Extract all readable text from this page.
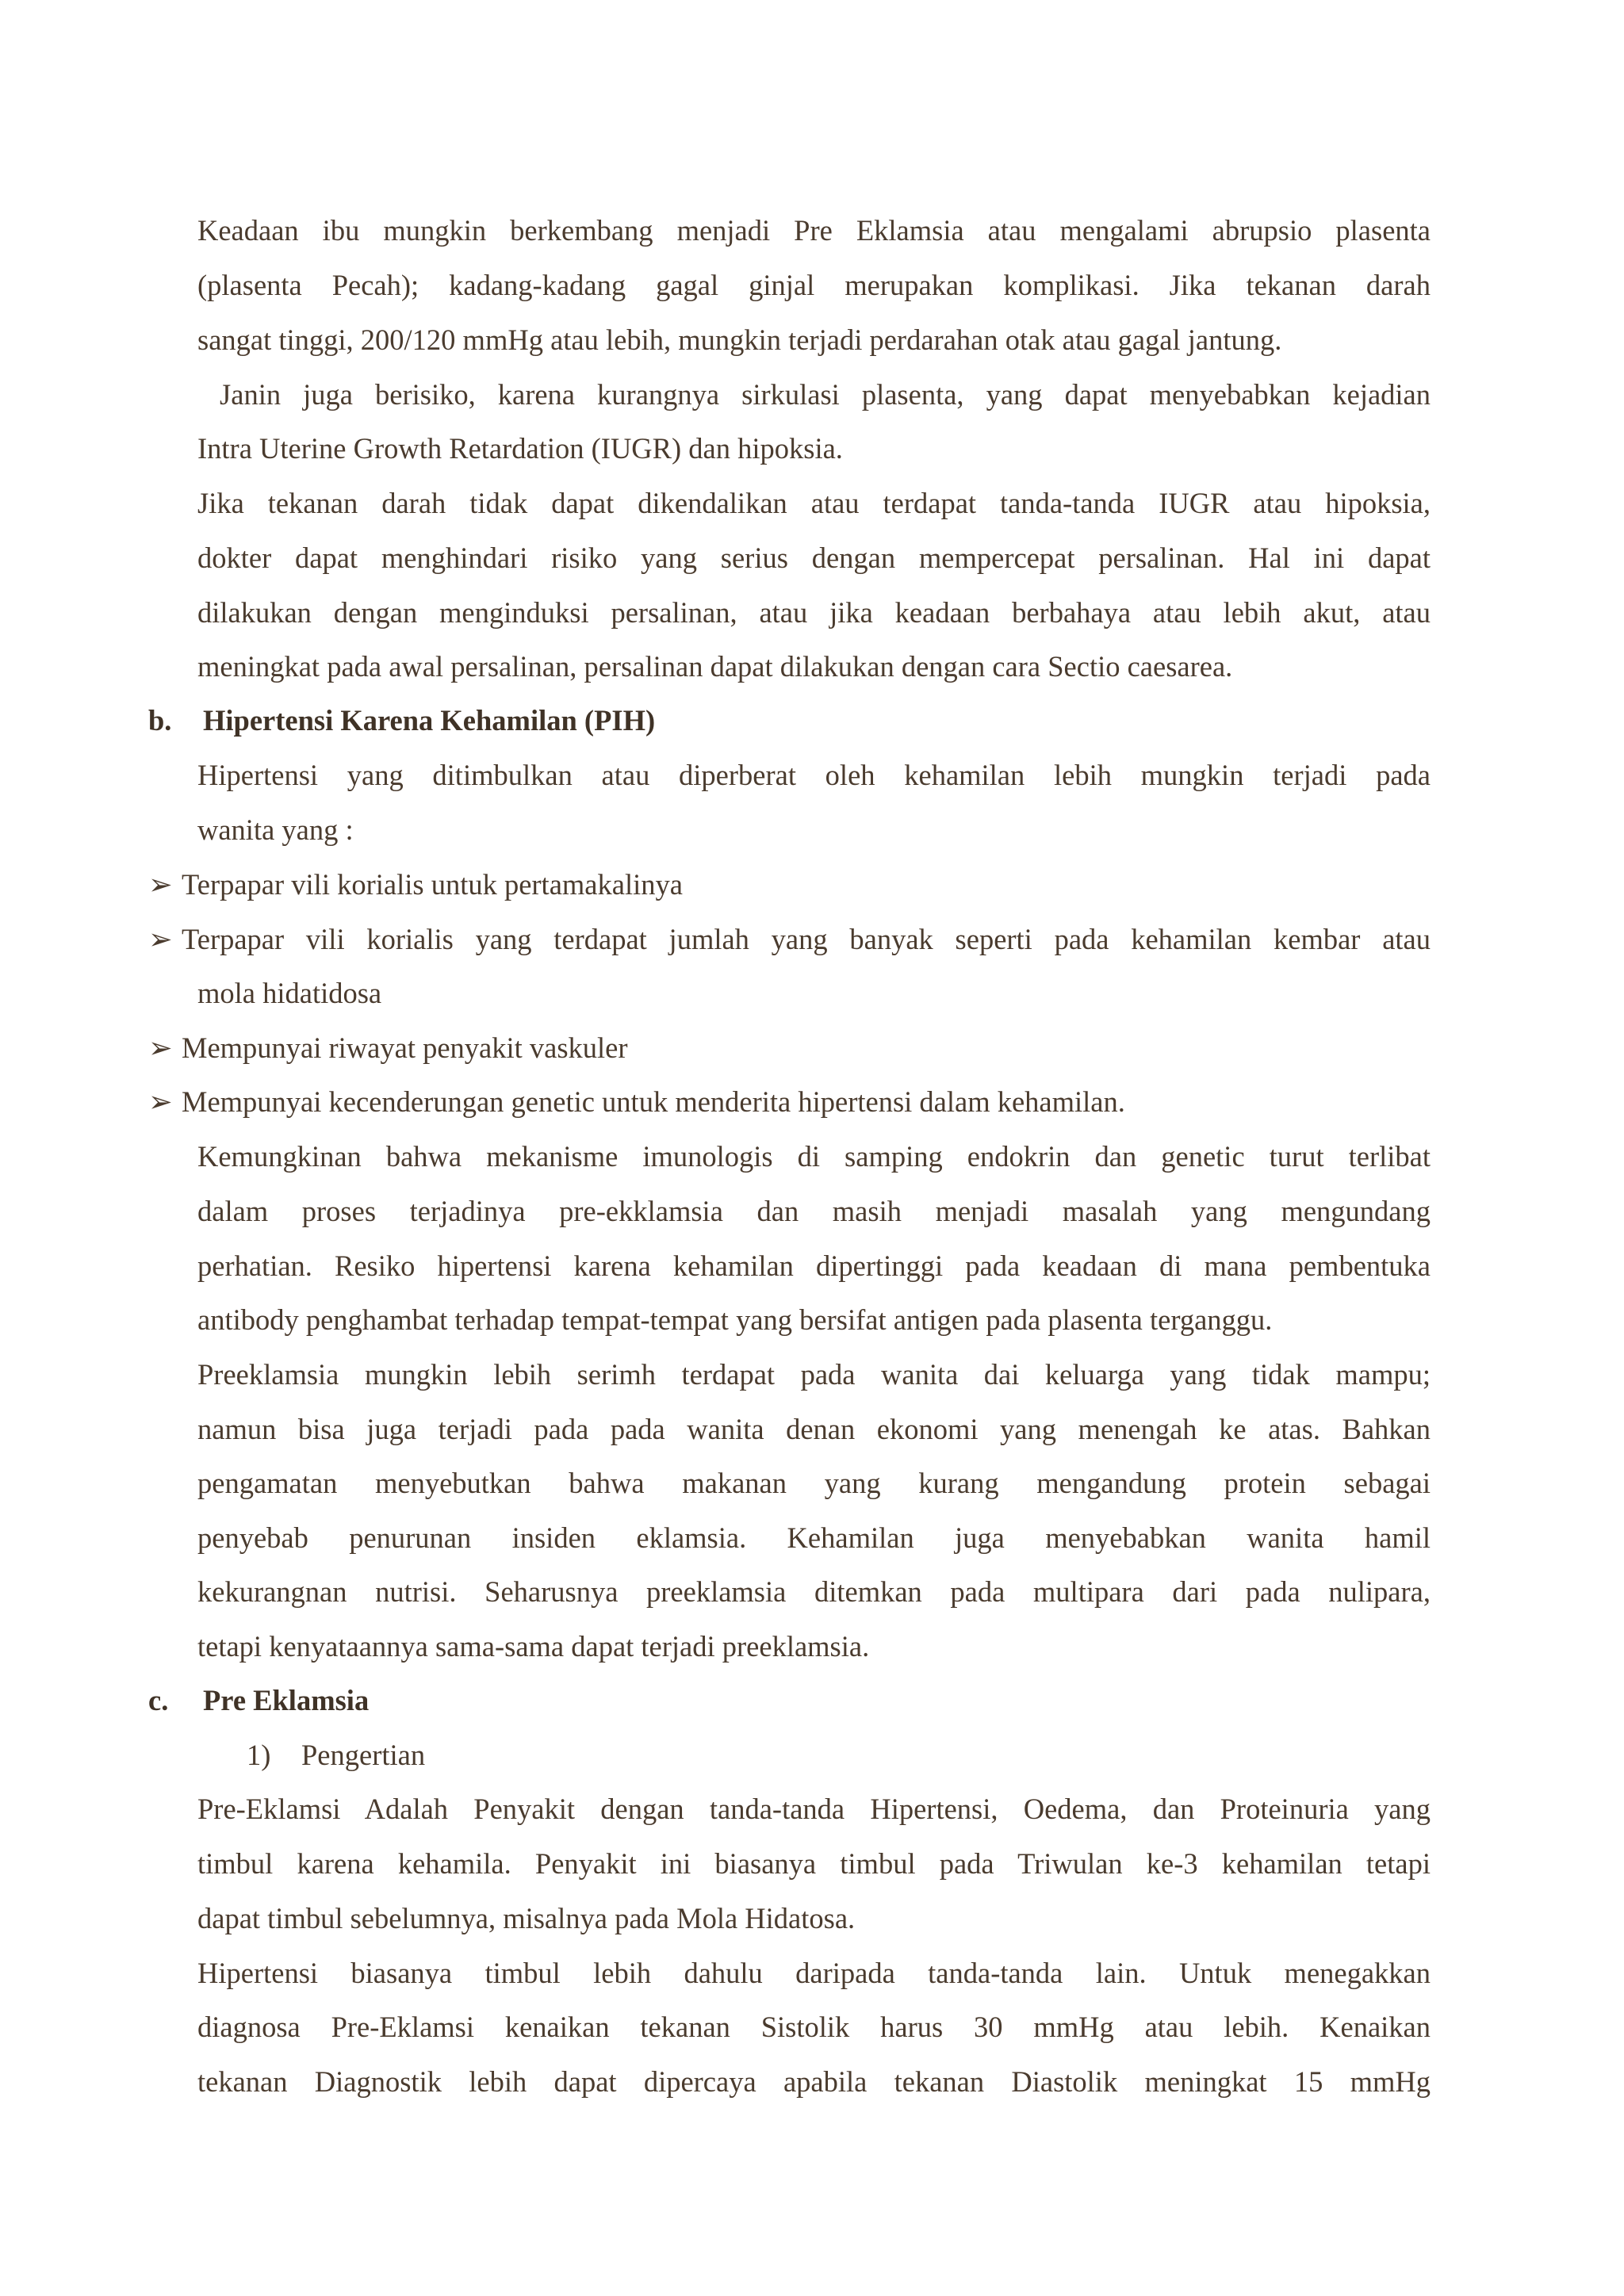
Keadaan ibu mungkin berkembang menjadi Pre Eklamsia atau mengalami abrupsio plasenta
(plasenta Pecah); kadang-kadang gagal ginjal merupakan komplikasi. Jika tekanan darah
sangat tinggi, 200/120 mmHg atau lebih, mungkin terjadi perdarahan otak atau gagal jantung.
Janin juga berisiko, karena kurangnya sirkulasi plasenta, yang dapat menyebabkan kejadian
Intra Uterine Growth Retardation (IUGR) dan hipoksia.
Jika tekanan darah tidak dapat dikendalikan atau terdapat tanda-tanda IUGR atau hipoksia,
dokter dapat menghindari risiko yang serius dengan mempercepat persalinan. Hal ini dapat
dilakukan dengan menginduksi persalinan, atau jika keadaan berbahaya atau lebih akut, atau
meningkat pada awal persalinan, persalinan dapat dilakukan dengan cara Sectio caesarea.
b. Hipertensi Karena Kehamilan (PIH)
Hipertensi yang ditimbulkan atau diperberat oleh kehamilan lebih mungkin terjadi pada
wanita yang :
➢ Terpapar vili korialis untuk pertamakalinya
➢ Terpapar vili korialis yang terdapat jumlah yang banyak seperti pada kehamilan kembar atau
mola hidatidosa
➢ Mempunyai riwayat penyakit vaskuler
➢ Mempunyai kecenderungan genetic untuk menderita hipertensi dalam kehamilan.
Kemungkinan bahwa mekanisme imunologis di samping endokrin dan genetic turut terlibat
dalam proses terjadinya pre-ekklamsia dan masih menjadi masalah yang mengundang
perhatian. Resiko hipertensi karena kehamilan dipertinggi pada keadaan di mana pembentuka
antibody penghambat terhadap tempat-tempat yang bersifat antigen pada plasenta terganggu.
Preeklamsia mungkin lebih serimh terdapat pada wanita dai keluarga yang tidak mampu;
namun bisa juga terjadi pada pada wanita denan ekonomi yang menengah ke atas. Bahkan
pengamatan menyebutkan bahwa makanan yang kurang mengandung protein sebagai
penyebab penurunan insiden eklamsia. Kehamilan juga menyebabkan wanita hamil
kekurangnan nutrisi. Seharusnya preeklamsia ditemkan pada multipara dari pada nulipara,
tetapi kenyataannya sama-sama dapat terjadi preeklamsia.
c. Pre Eklamsia
1) Pengertian
Pre-Eklamsi Adalah Penyakit dengan tanda-tanda Hipertensi, Oedema, dan Proteinuria yang
timbul karena kehamila. Penyakit ini biasanya timbul pada Triwulan ke-3 kehamilan tetapi
dapat timbul sebelumnya, misalnya pada Mola Hidatosa.
Hipertensi biasanya timbul lebih dahulu daripada tanda-tanda lain. Untuk menegakkan
diagnosa Pre-Eklamsi kenaikan tekanan Sistolik harus 30 mmHg atau lebih. Kenaikan
tekanan Diagnostik lebih dapat dipercaya apabila tekanan Diastolik meningkat 15 mmHg
